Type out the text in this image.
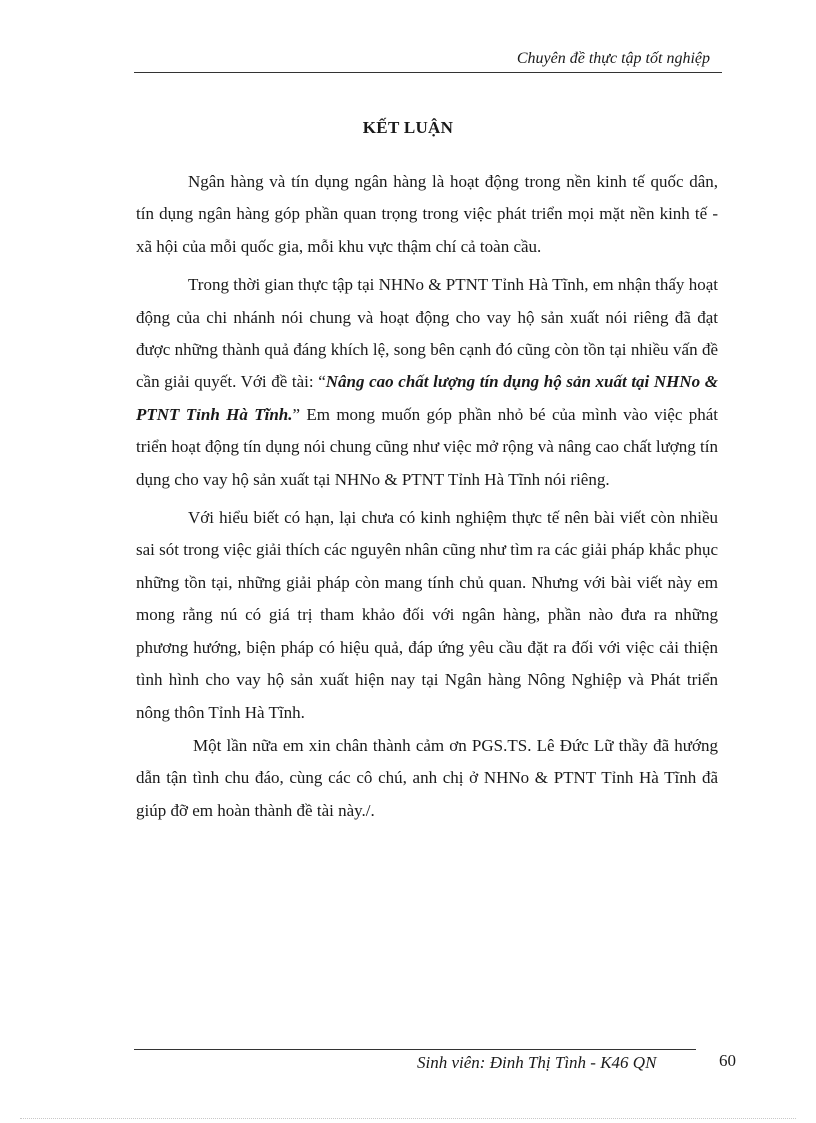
Chuyên đề thực tập tốt nghiệp
KẾT LUẬN

Ngân hàng và tín dụng ngân hàng là hoạt động trong nền kinh tế quốc dân, tín dụng ngân hàng góp phần quan trọng trong việc phát triển mọi mặt nền kinh tế - xã hội của mỗi quốc gia, mỗi khu vực thậm chí cả toàn cầu.

Trong thời gian thực tập tại NHNo & PTNT Tỉnh Hà Tĩnh, em nhận thấy hoạt động của chi nhánh nói chung và hoạt động cho vay hộ sản xuất nói riêng đã đạt được những thành quả đáng khích lệ, song bên cạnh đó cũng còn tồn tại nhiều vấn đề cần giải quyết. Với đề tài: “Nâng cao chất lượng tín dụng hộ sản xuất tại NHNo & PTNT Tỉnh Hà Tĩnh.” Em mong muốn góp phần nhỏ bé của mình vào việc phát triển hoạt động tín dụng nói chung cũng như việc mở rộng và nâng cao chất lượng tín dụng cho vay hộ sản xuất tại NHNo & PTNT Tỉnh Hà Tĩnh nói riêng.

Với hiểu biết có hạn, lại chưa có kinh nghiệm thực tế nên bài viết còn nhiều sai sót trong việc giải thích các nguyên nhân cũng như tìm ra các giải pháp khắc phục những tồn tại, những giải pháp còn mang tính chủ quan. Nhưng với bài viết này em mong rằng nú có giá trị tham khảo đối với ngân hàng, phần nào đưa ra những phương hướng, biện pháp có hiệu quả, đáp ứng yêu cầu đặt ra đối với việc cải thiện tình hình cho vay hộ sản xuất hiện nay tại Ngân hàng Nông Nghiệp và Phát triển nông thôn Tỉnh Hà Tĩnh.

Một lần nữa em xin chân thành cảm ơn PGS.TS. Lê Đức Lữ thầy đã hướng dẫn tận tình chu đáo, cùng các cô chú, anh chị ở NHNo & PTNT Tỉnh Hà Tĩnh đã giúp đỡ em hoàn thành đề tài này./.

Sinh viên: Đinh Thị Tình - K46 QN	60
